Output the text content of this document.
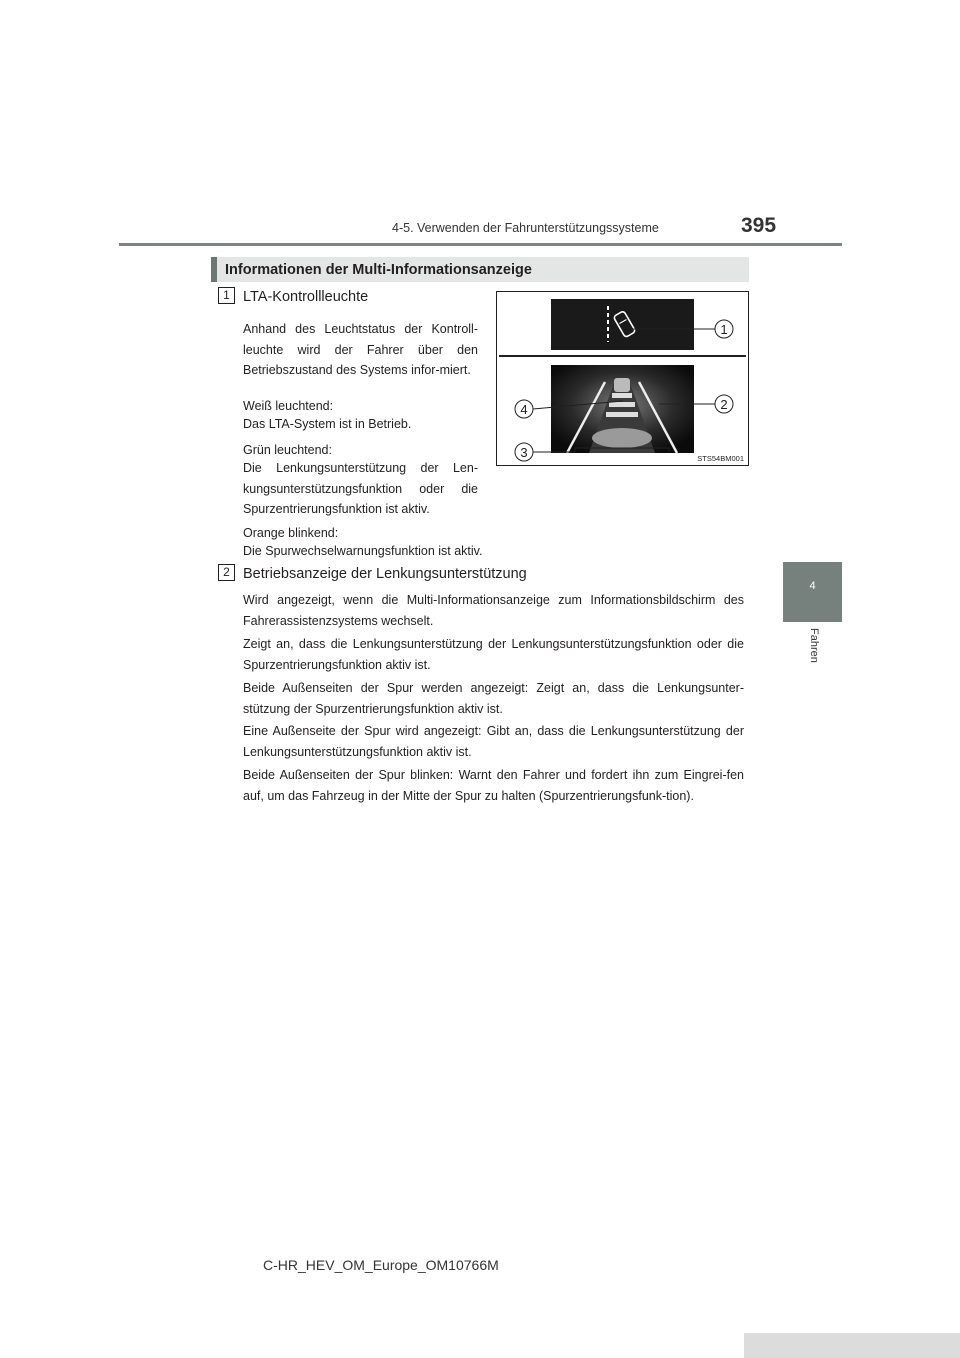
4-5. Verwenden der Fahrunterstützungssysteme	395
4
Fahren
Informationen der Multi-Informationsanzeige
1 LTA-Kontrollleuchte
Anhand des Leuchtstatus der Kontroll-leuchte wird der Fahrer über den Betriebszustand des Systems infor-miert.
Weiß leuchtend:
Das LTA-System ist in Betrieb.
Grün leuchtend:
Die Lenkungsunterstützung der Len-kungsunterstützungsfunktion oder die Spurzentrierungsfunktion ist aktiv.
Orange blinkend:
Die Spurwechselwarnungsfunktion ist aktiv.
1
2
3
4
STS54BM001
2 Betriebsanzeige der Lenkungsunterstützung
Wird angezeigt, wenn die Multi-Informationsanzeige zum Informationsbildschirm des Fahrerassistenzsystems wechselt.
Zeigt an, dass die Lenkungsunterstützung der Lenkungsunterstützungsfunktion oder die Spurzentrierungsfunktion aktiv ist.
Beide Außenseiten der Spur werden angezeigt: Zeigt an, dass die Lenkungsunter-stützung der Spurzentrierungsfunktion aktiv ist.
Eine Außenseite der Spur wird angezeigt: Gibt an, dass die Lenkungsunterstützung der Lenkungsunterstützungsfunktion aktiv ist.
Beide Außenseiten der Spur blinken: Warnt den Fahrer und fordert ihn zum Eingrei-fen auf, um das Fahrzeug in der Mitte der Spur zu halten (Spurzentrierungsfunk-tion).
C-HR_HEV_OM_Europe_OM10766M
